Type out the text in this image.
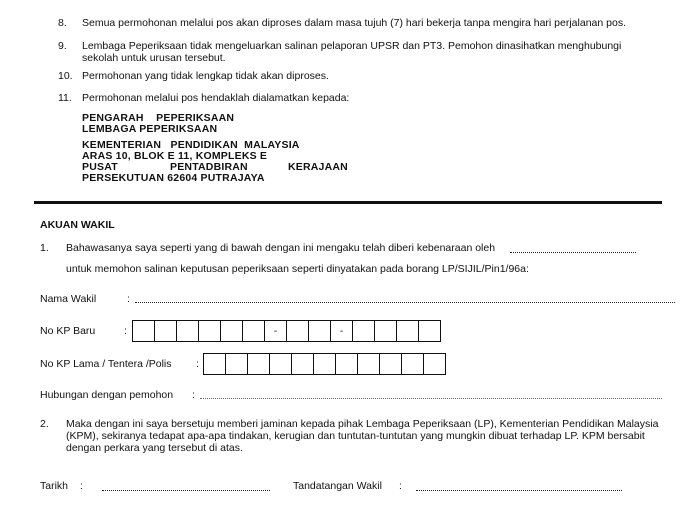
8.	Semua permohonan melalui pos akan diproses dalam masa tujuh (7) hari bekerja tanpa mengira hari perjalanan pos.
9.	Lembaga Peperiksaan tidak mengeluarkan salinan pelaporan UPSR dan PT3. Pemohon dinasihatkan menghubungi
sekolah untuk urusan tersebut.
10. Permohonan yang tidak lengkap tidak akan diproses.
11. Permohonan melalui pos hendaklah dialamatkan kepada:
PENGARAH    PEPERIKSAAN
LEMBAGA PEPERIKSAAN
KEMENTERIAN   PENDIDIKAN  MALAYSIA
ARAS 10, BLOK E 11, KOMPLEKS E
PUSAT	PENTADBIRAN	KERAJAAN
PERSEKUTUAN 62604 PUTRAJAYA
AKUAN WAKIL
1. Bahawasanya saya seperti yang di bawah dengan ini mengaku telah diberi kebenaraan oleh
untuk memohon salinan keputusan peperiksaan seperti dinyatakan pada borang LP/SIJIL/Pin1/96a:
Nama Wakil	:
No KP Baru	:	-	-
No KP Lama / Tentera /Polis :
Hubungan dengan pemohon :
2. Maka dengan ini saya bersetuju memberi jaminan kepada pihak Lembaga Peperiksaan (LP), Kementerian Pendidikan Malaysia
(KPM), sekiranya tedapat apa-apa tindakan, kerugian dan tuntutan-tuntutan yang mungkin dibuat terhadap LP. KPM bersabit
dengan perkara yang tersebut di atas.
Tarikh :	Tandatangan Wakil :
